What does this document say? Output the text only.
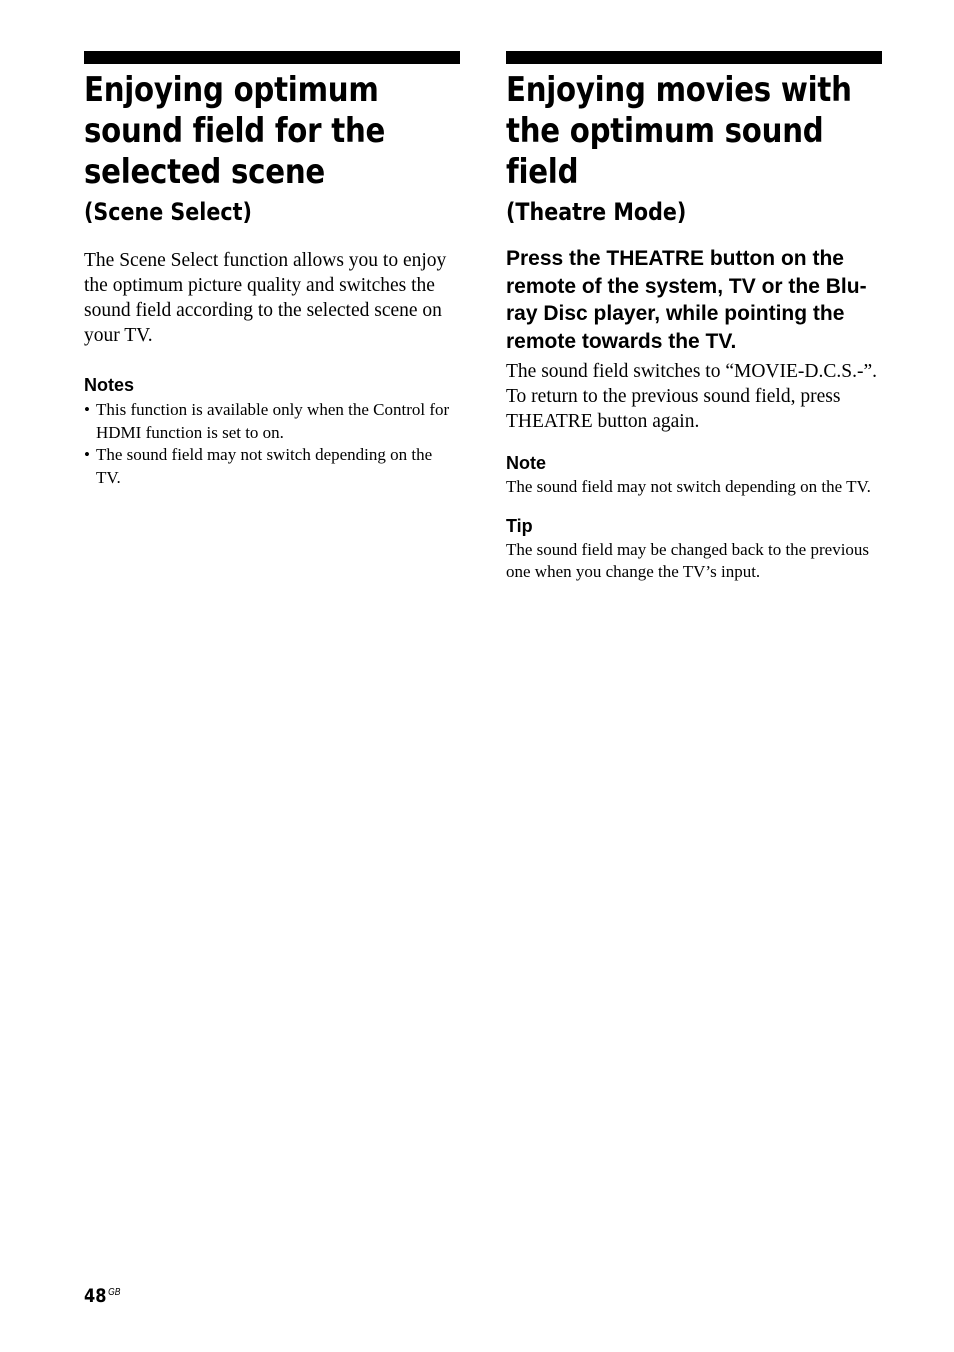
Enjoying optimum sound field for the selected scene
(Scene Select)

The Scene Select function allows you to enjoy the optimum picture quality and switches the sound field according to the selected scene on your TV.

Notes
• This function is available only when the Control for HDMI function is set to on.
• The sound field may not switch depending on the TV.
Enjoying movies with the optimum sound field
(Theatre Mode)

Press the THEATRE button on the remote of the system, TV or the Blu-ray Disc player, while pointing the remote towards the TV.

The sound field switches to “MOVIE-D.C.S.-”.

To return to the previous sound field, press THEATRE button again.

Note

The sound field may not switch depending on the TV.

Tip

The sound field may be changed back to the previous one when you change the TV’s input.

48 $^{GB}$
